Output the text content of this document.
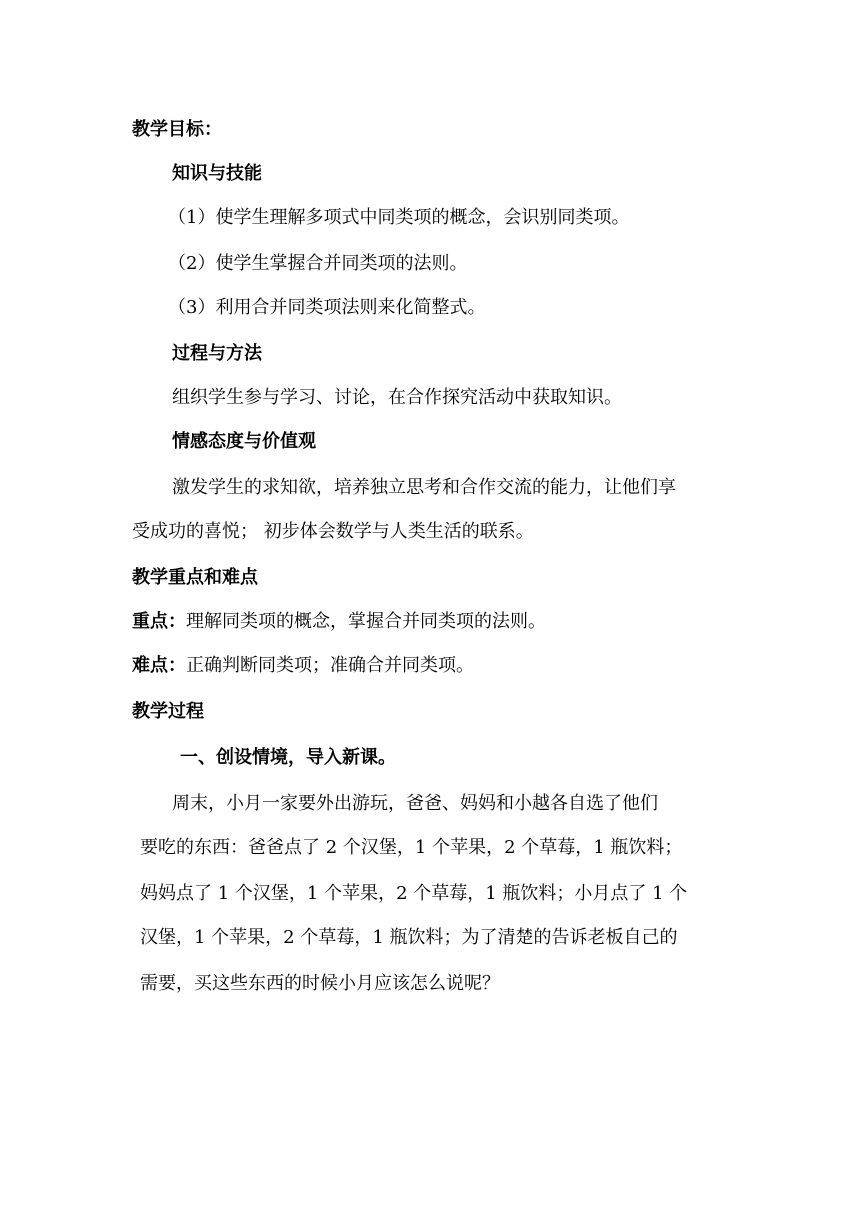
教学目标：
知识与技能
（1）使学生理解多项式中同类项的概念，会识别同类项。
（2）使学生掌握合并同类项的法则。
（3）利用合并同类项法则来化简整式。
过程与方法
组织学生参与学习、讨论，在合作探究活动中获取知识。
情感态度与价值观
激发学生的求知欲，培养独立思考和合作交流的能力，让他们享
受成功的喜悦； 初步体会数学与人类生活的联系。
教学重点和难点
重点：理解同类项的概念，掌握合并同类项的法则。
难点：正确判断同类项；准确合并同类项。
教学过程
一、创设情境，导入新课。
周末，小月一家要外出游玩，爸爸、妈妈和小越各自选了他们
要吃的东西：爸爸点了 2 个汉堡，1 个苹果，2 个草莓，1 瓶饮料；
妈妈点了 1 个汉堡，1 个苹果，2 个草莓，1 瓶饮料；小月点了 1 个
汉堡，1 个苹果，2 个草莓，1 瓶饮料；为了清楚的告诉老板自己的
需要，买这些东西的时候小月应该怎么说呢？
